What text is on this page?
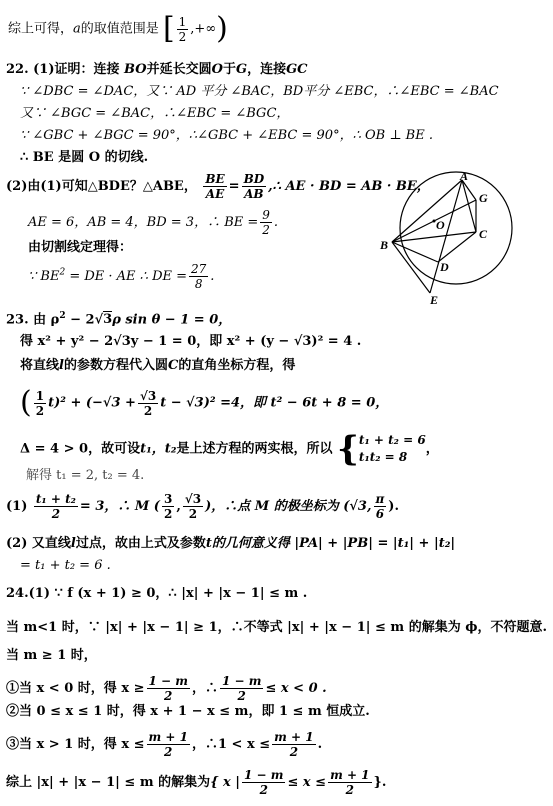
综上可得，a的取值范围是 [ $\frac{1}{2}$ ,+∞)
22. (1)证明：连接 BO并延长交圆O于G，连接GC
∵ ∠DBC = ∠DAC，又∵ AD 平分 ∠BAC，BD平分 ∠EBC，∴∠EBC = ∠BAC
又∵ ∠BGC = ∠BAC，∴∠EBC = ∠BGC，
∵ ∠GBC + ∠BGC = 90°，∴∠GBC + ∠EBC = 90°，∴ OB ⊥ BE .
∴ BE 是圆 O 的切线.
(2)由(1)可知△BDE？△ABE， $\frac{BE}{AE} = \frac{BD}{AB}$ ,∴ AE · BD = AB · BE，
AE = 6，AB = 4，BD = 3，∴ BE = $\frac{9}{2}$ .
由切割线定理得：
∵ $BE^2$ = DE · AE ∴ DE = $\frac{27}{8}$ .
A
G
O
B
C
D
E
23. 由 $\rho^2 - 2√3\rho$ sin θ − 1 = 0，
得 x² + y² − 2√3y − 1 = 0，即 x² + (y − √3)² = 4 .
将直线l的参数方程代入圆C的直角坐标方程，得
( $\frac{1}{2} t)^2 + (-√3 + \frac{√3}{2}$ t − √3)² =4，即 t² − 6t + 8 = 0，
Δ = 4 > 0，故可设t₁，t₂是上述方程的两实根，所以 { t₁ + t₂ = 6
t₁t₂ = 8
，
解得 t₁ = 2, t₂ = 4.
$(1) \frac{\text{t₁ + t₂}}{2} = 3$，∴ M ( $\frac{3}{2}$ , $\frac{√3}{2}$ )，∴点 M 的极坐标为 (√3, $\frac{\pi}{6}$ ).
(2) 又直线l过点，故由上式及参数t的几何意义得 |PA| + |PB| = |t₁| + |t₂|
= t₁ + t₂ = 6 .
24.(1) ∵ f (x + 1) ≥ 0，∴ |x| + |x − 1| ≤ m .
当 m<1 时，∵ |x| + |x − 1| ≥ 1，∴不等式 |x| + |x − 1| ≤ m 的解集为 ϕ，不符题意.
当 m ≥ 1 时，
①当 x < 0 时，得 $x \ge \frac{1 - m}{2}$ ，∴ $\frac{1 - m}{2} \le x < 0$ .
②当 0 ≤ x ≤ 1 时，得 x + 1 − x ≤ m，即 1 ≤ m 恒成立.
③当 x > 1 时，得 $x \le \frac{m + 1}{2}$ ，∴1 < $x \le \frac{m + 1}{2}$ .
综上 |x| + |x − 1| ≤ m 的解集为{ x | $\frac{1 - m}{2} \le x \le \frac{m + 1}{2}$ }.
